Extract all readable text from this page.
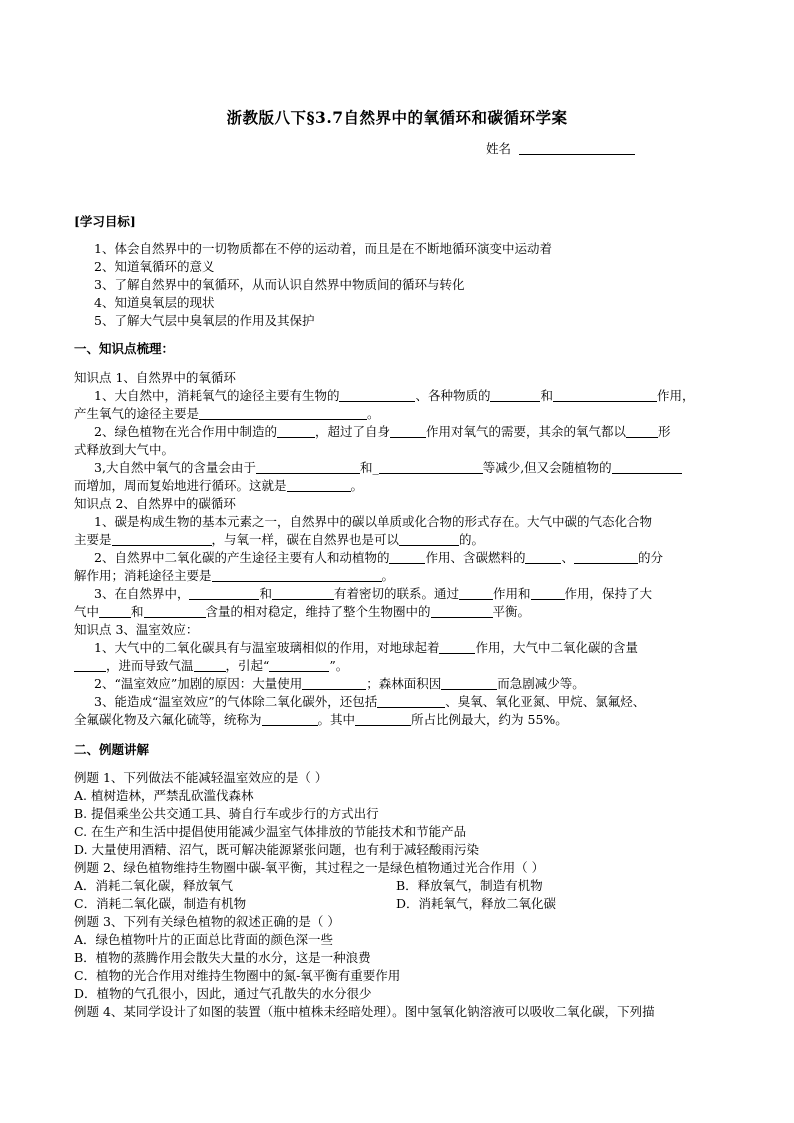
浙教版八下§3.7自然界中的氧循环和碳循环学案
姓名
[学习目标]
1、体会自然界中的一切物质都在不停的运动着，而且是在不断地循环演变中运动着
2、知道氧循环的意义
3、了解自然界中的氧循环，从而认识自然界中物质间的循环与转化
4、知道臭氧层的现状
5、了解大气层中臭氧层的作用及其保护
一、知识点梳理：
知识点 1、自然界中的氧循环
1、大自然中，消耗氧气的途径主要有生物的	、各种物质的	和	作用，
产生氧气的途径主要是	。
2、绿色植物在光合作用中制造的	，超过了自身	作用对氧气的需要，其余的氧气都以	形
式释放到大气中。
3,大自然中氧气的含量会由于	和_	等减少,但又会随植物的
而增加，周而复始地进行循环。这就是	。
知识点 2、自然界中的碳循环
1、碳是构成生物的基本元素之一，自然界中的碳以单质或化合物的形式存在。大气中碳的气态化合物
主要是	，与氧一样，碳在自然界也是可以	的。
2、自然界中二氧化碳的产生途径主要有人和动植物的	作用、含碳燃料的	、	的分
解作用；消耗途径主要是	。
3、在自然界中，	和	有着密切的联系。通过	作用和	作用，保持了大
气中	和	含量的相对稳定，维持了整个生物圈中的	平衡。
知识点 3、温室效应：
1、大气中的二氧化碳具有与温室玻璃相似的作用，对地球起着	作用，大气中二氧化碳的含量
，进而导致气温	，引起“	”。
2、“温室效应”加剧的原因：大量使用	；森林面积因	而急剧减少等。
3、能造成“温室效应”的气体除二氧化碳外，还包括	、臭氧、氧化亚氮、甲烷、氯氟烃、
全氟碳化物及六氟化硫等，统称为	。其中	所占比例最大，约为 55%。
二、例题讲解
例题 1、下列做法不能减轻温室效应的是（ ）
A. 植树造林，严禁乱砍滥伐森林
B. 提倡乘坐公共交通工具、骑自行车或步行的方式出行
C. 在生产和生活中提倡使用能减少温室气体排放的节能技术和节能产品
D. 大量使用酒精、沼气，既可解决能源紧张问题，也有利于减轻酸雨污染
例题 2、绿色植物维持生物圈中碳-氧平衡，其过程之一是绿色植物通过光合作用（ ）
A．消耗二氧化碳，释放氧气	B．释放氧气，制造有机物
C．消耗二氧化碳，制造有机物	D．消耗氧气，释放二氧化碳
例题 3、下列有关绿色植物的叙述正确的是（ ）
A．绿色植物叶片的正面总比背面的颜色深一些
B．植物的蒸腾作用会散失大量的水分，这是一种浪费
C．植物的光合作用对维持生物圈中的氮-氧平衡有重要作用
D．植物的气孔很小，因此，通过气孔散失的水分很少
例题 4、某同学设计了如图的装置（瓶中植株未经暗处理）。图中氢氧化钠溶液可以吸收二氧化碳，下列描
